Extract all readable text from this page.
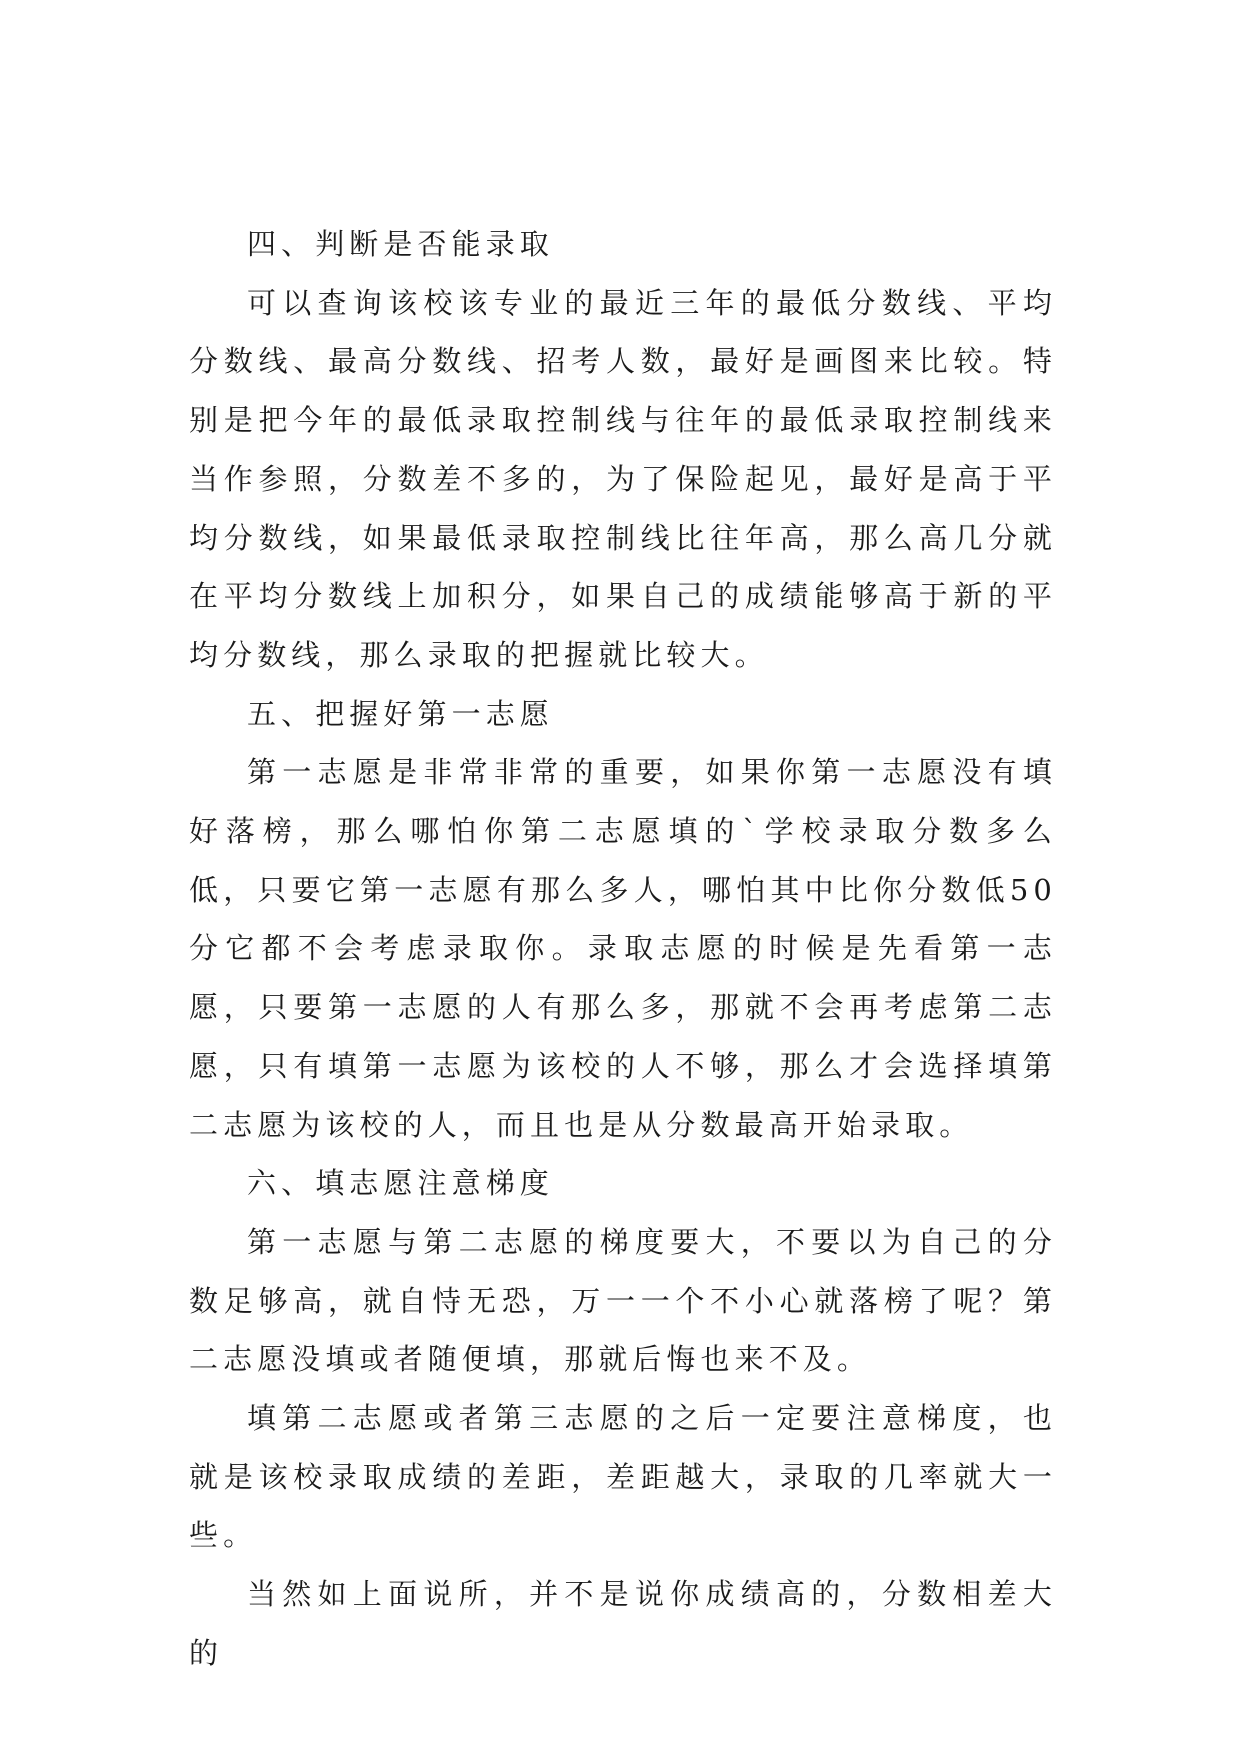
四、判断是否能录取

可以查询该校该专业的最近三年的最低分数线、平均分数线、最高分数线、招考人数，最好是画图来比较。特别是把今年的最低录取控制线与往年的最低录取控制线来当作参照，分数差不多的，为了保险起见，最好是高于平均分数线，如果最低录取控制线比往年高，那么高几分就在平均分数线上加积分，如果自己的成绩能够高于新的平均分数线，那么录取的把握就比较大。

五、把握好第一志愿

第一志愿是非常非常的重要，如果你第一志愿没有填好落榜，那么哪怕你第二志愿填的`学校录取分数多么低，只要它第一志愿有那么多人，哪怕其中比你分数低50分它都不会考虑录取你。录取志愿的时候是先看第一志愿，只要第一志愿的人有那么多，那就不会再考虑第二志愿，只有填第一志愿为该校的人不够，那么才会选择填第二志愿为该校的人，而且也是从分数最高开始录取。

六、填志愿注意梯度

第一志愿与第二志愿的梯度要大，不要以为自己的分数足够高，就自恃无恐，万一一个不小心就落榜了呢？第二志愿没填或者随便填，那就后悔也来不及。

填第二志愿或者第三志愿的之后一定要注意梯度，也就是该校录取成绩的差距，差距越大，录取的几率就大一些。

当然如上面说所，并不是说你成绩高的，分数相差大的
